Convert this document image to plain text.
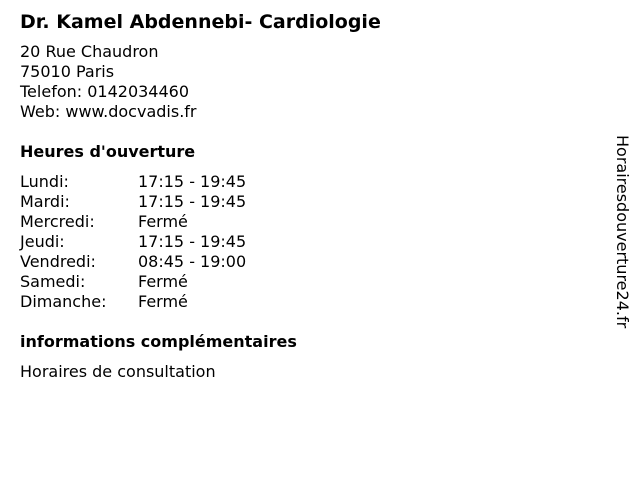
Dr. Kamel Abdennebi- Cardiologie
20 Rue Chaudron
75010 Paris
Telefon: 0142034460
Web: www.docvadis.fr
Heures d'ouverture
Lundi:	17:15 - 19:45
Mardi:	17:15 - 19:45
Mercredi:	Fermé
Jeudi:	17:15 - 19:45
Vendredi:	08:45 - 19:00
Samedi:	Fermé
Dimanche:	Fermé
informations complémentaires
Horaires de consultation
Horairesdouverture24.fr
